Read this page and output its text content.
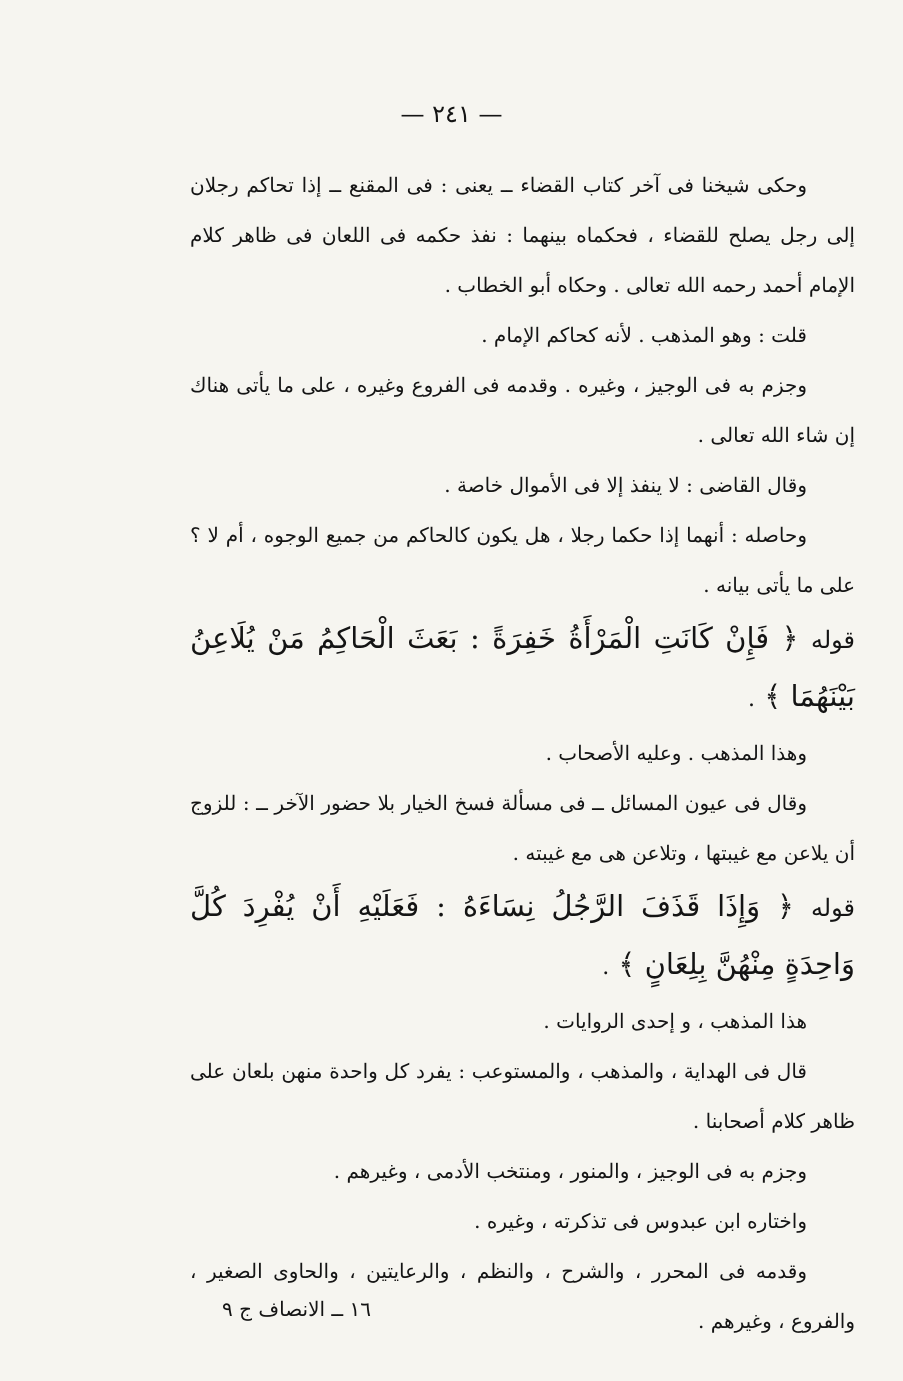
— ٢٤١ —

وحكى شيخنا فى آخر كتاب القضاء ــ يعنى : فى المقنع ــ إذا تحاكم رجلان إلى رجل يصلح للقضاء ، فحكماه بينهما : نفذ حكمه فى اللعان فى ظاهر كلام الإمام أحمد رحمه الله تعالى . وحكاه أبو الخطاب .

قلت : وهو المذهب . لأنه كحاكم الإمام .

وجزم به فى الوجيز ، وغيره . وقدمه فى الفروع وغيره ، على ما يأتى هناك إن شاء الله تعالى .

وقال القاضى : لا ينفذ إلا فى الأموال خاصة .

وحاصله : أنهما إذا حكما رجلا ، هل يكون كالحاكم من جميع الوجوه ، أم لا ؟ على ما يأتى بيانه .

قوله ﴿ فَإِنْ كَانَتِ الْمَرْأَةُ خَفِرَةً : بَعَثَ الْحَاكِمُ مَنْ يُلَاعِنُ بَيْنَهُمَا ﴾ .

وهذا المذهب . وعليه الأصحاب .

وقال فى عيون المسائل ــ فى مسألة فسخ الخيار بلا حضور الآخر ــ : للزوج أن يلاعن مع غيبتها ، وتلاعن هى مع غيبته .

قوله ﴿ وَإِذَا قَذَفَ الرَّجُلُ نِسَاءَهُ : فَعَلَيْهِ أَنْ يُفْرِدَ كُلَّ وَاحِدَةٍ مِنْهُنَّ بِلِعَانٍ ﴾ .

هذا المذهب ، و إحدى الروايات .

قال فى الهداية ، والمذهب ، والمستوعب : يفرد كل واحدة منهن بلعان على ظاهر كلام أصحابنا .

وجزم به فى الوجيز ، والمنور ، ومنتخب الأدمى ، وغيرهم .

واختاره ابن عبدوس فى تذكرته ، وغيره .

وقدمه فى المحرر ، والشرح ، والنظم ، والرعايتين ، والحاوى الصغير ، والفروع ، وغيرهم .

١٦ ــ الانصاف ج ٩
